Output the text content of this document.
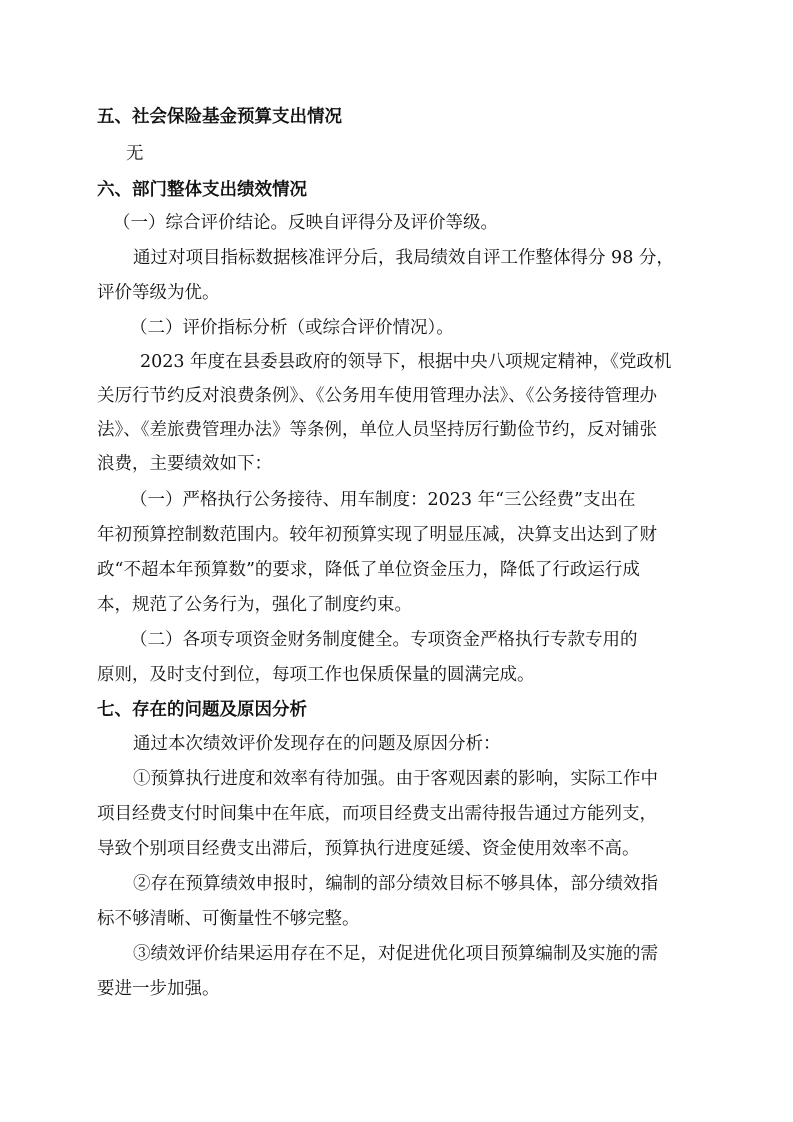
五、社会保险基金预算支出情况

无

六、部门整体支出绩效情况

（一）综合评价结论。反映自评得分及评价等级。

通过对项目指标数据核准评分后，我局绩效自评工作整体得分 98 分，

评价等级为优。

（二）评价指标分析（或综合评价情况）。

2023 年度在县委县政府的领导下，根据中央八项规定精神，《党政机

关厉行节约反对浪费条例》、《公务用车使用管理办法》、《公务接待管理办

法》、《差旅费管理办法》等条例，单位人员坚持厉行勤俭节约，反对铺张

浪费，主要绩效如下：

（一）严格执行公务接待、用车制度：2023 年“三公经费”支出在

年初预算控制数范围内。较年初预算实现了明显压减，决算支出达到了财

政“不超本年预算数”的要求，降低了单位资金压力，降低了行政运行成

本，规范了公务行为，强化了制度约束。

（二）各项专项资金财务制度健全。专项资金严格执行专款专用的

原则，及时支付到位，每项工作也保质保量的圆满完成。

七、存在的问题及原因分析

通过本次绩效评价发现存在的问题及原因分析：

①预算执行进度和效率有待加强。由于客观因素的影响，实际工作中

项目经费支付时间集中在年底，而项目经费支出需待报告通过方能列支，

导致个别项目经费支出滞后，预算执行进度延缓、资金使用效率不高。

②存在预算绩效申报时，编制的部分绩效目标不够具体，部分绩效指

标不够清晰、可衡量性不够完整。

③绩效评价结果运用存在不足，对促进优化项目预算编制及实施的需

要进一步加强。
